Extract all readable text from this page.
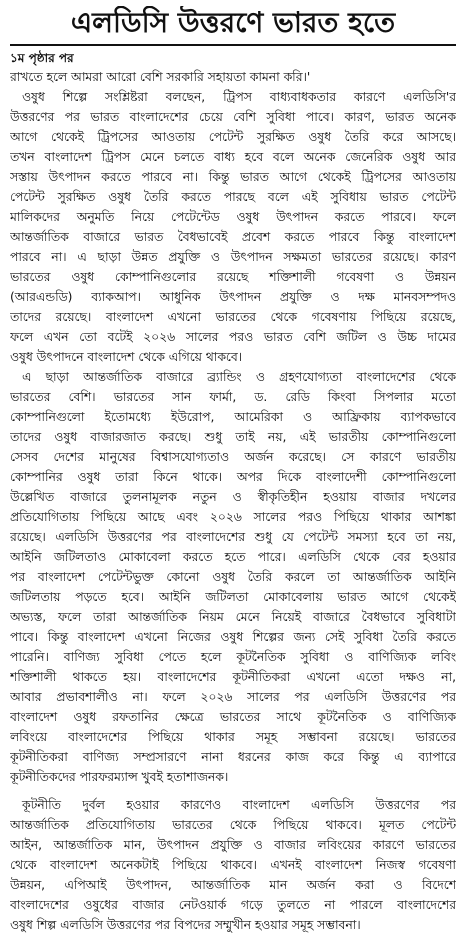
এলডিসি উত্তরণে ভারত হতে
১ম পৃষ্ঠার পর
রাখতে হলে আমরা আরো বেশি সরকারি সহায়তা কামনা করি।'
ওষুধ শিল্পে সংশ্লিষ্টরা বলছেন, ট্রিপস বাধ্যবাধকতার কারণে এলডিসি'র
উত্তরণের পর ভারত বাংলাদেশের চেয়ে বেশি সুবিধা পাবে। কারণ, ভারত অনেক
আগে থেকেই ট্রিপসের আওতায় পেটেন্ট সুরক্ষিত ওষুধ তৈরি করে আসছে।
তখন বাংলাদেশ ট্রিপস মেনে চলতে বাধ্য হবে বলে অনেক জেনেরিক ওষুধ আর
সস্তায় উৎপাদন করতে পারবে না। কিন্তু ভারত আগে থেকেই ট্রিপসের আওতায়
পেটেন্ট সুরক্ষিত ওষুধ তৈরি করতে পারছে বলে এই সুবিধায় ভারত পেটেন্ট
মালিকদের অনুমতি নিয়ে পেটেন্টেড ওষুধ উৎপাদন করতে পারবে। ফলে
আন্তর্জাতিক বাজারে ভারত বৈধভাবেই প্রবেশ করতে পারবে কিন্তু বাংলাদেশ
পারবে না। এ ছাড়া উন্নত প্রযুক্তি ও উৎপাদন সক্ষমতা ভারতের রয়েছে। কারণ
ভারতের ওষুধ কোম্পানিগুলোর রয়েছে শক্তিশালী গবেষণা ও উন্নয়ন
(আরএন্ডডি) ব্যাকআপ। আধুনিক উৎপাদন প্রযুক্তি ও দক্ষ মানবসম্পদও
তাদের রয়েছে। বাংলাদেশ এখনো ভারতের থেকে গবেষণায় পিছিয়ে রয়েছে,
ফলে এখন তো বটেই ২০২৬ সালের পরও ভারত বেশি জটিল ও উচ্চ দামের
ওষুধ উৎপাদনে বাংলাদেশ থেকে এগিয়ে থাকবে।
এ ছাড়া আন্তর্জাতিক বাজারে ব্র্যান্ডিং ও গ্রহণযোগ্যতা বাংলাদেশের থেকে
ভারতের বেশি। ভারতের সান ফার্মা, ড. রেডি কিংবা সিপলার মতো
কোম্পানিগুলো ইতোমধ্যে ইউরোপ, আমেরিকা ও আফ্রিকায় ব্যাপকভাবে
তাদের ওষুধ বাজারজাত করছে। শুধু তাই নয়, এই ভারতীয় কোম্পানিগুলো
সেসব দেশের মানুষের বিশ্বাসযোগ্যতাও অর্জন করেছে। সে কারণে ভারতীয়
কোম্পানির ওষুধ তারা কিনে থাকে। অপর দিকে বাংলাদেশী কোম্পানিগুলো
উল্লেখিত বাজারে তুলনামূলক নতুন ও স্বীকৃতিহীন হওয়ায় বাজার দখলের
প্রতিযোগিতায় পিছিয়ে আছে এবং ২০২৬ সালের পরও পিছিয়ে থাকার আশঙ্কা
রয়েছে। এলডিসি উত্তরণের পর বাংলাদেশের শুধু যে পেটেন্ট সমস্যা হবে তা নয়,
আইনি জটিলতাও মোকাবেলা করতে হতে পারে। এলডিসি থেকে বের হওয়ার
পর বাংলাদেশ পেটেন্টভুক্ত কোনো ওষুধ তৈরি করলে তা আন্তর্জাতিক আইনি
জটিলতায় পড়তে হবে। আইনি জটিলতা মোকাবেলায় ভারত আগে থেকেই
অভ্যস্ত, ফলে তারা আন্তর্জাতিক নিয়ম মেনে নিয়েই বাজারে বৈধভাবে সুবিধাটা
পাবে। কিন্তু বাংলাদেশ এখনো নিজের ওষুধ শিল্পের জন্য সেই সুবিধা তৈরি করতে
পারেনি। বাণিজ্য সুবিধা পেতে হলে কূটনৈতিক সুবিধা ও বাণিজ্যিক লবিং
শক্তিশালী থাকতে হয়। বাংলাদেশের কূটনীতিকরা এখনো এতো দক্ষও না,
আবার প্রভাবশালীও না। ফলে ২০২৬ সালের পর এলডিসি উত্তরণের পর
বাংলাদেশ ওষুধ রফতানির ক্ষেত্রে ভারতের সাথে কূটনৈতিক ও বাণিজ্যিক
লবিংয়ে বাংলাদেশের পিছিয়ে থাকার সমূহ সম্ভাবনা রয়েছে। ভারতের
কূটনীতিকরা বাণিজ্য সম্প্রসারণে নানা ধরনের কাজ করে কিন্তু এ ব্যাপারে
কূটনীতিকদের পারফরম্যান্স খুবই হতাশাজনক।
কূটনীতি দুর্বল হওয়ার কারণেও বাংলাদেশ এলডিসি উত্তরণের পর
আন্তর্জাতিক প্রতিযোগিতায় ভারতের থেকে পিছিয়ে থাকবে। মূলত পেটেন্ট
আইন, আন্তর্জাতিক মান, উৎপাদন প্রযুক্তি ও বাজার লবিংয়ের কারণে ভারতের
থেকে বাংলাদেশ অনেকটাই পিছিয়ে থাকবে। এখনই বাংলাদেশ নিজস্ব গবেষণা
উন্নয়ন, এপিআই উৎপাদন, আন্তর্জাতিক মান অর্জন করা ও বিদেশে
বাংলাদেশের ওষুধের বাজার নেটওয়ার্ক গড়ে তুলতে না পারলে বাংলাদেশের
ওষুধ শিল্প এলডিসি উত্তরণের পর বিপদের সম্মুখীন হওয়ার সমূহ সম্ভাবনা।
